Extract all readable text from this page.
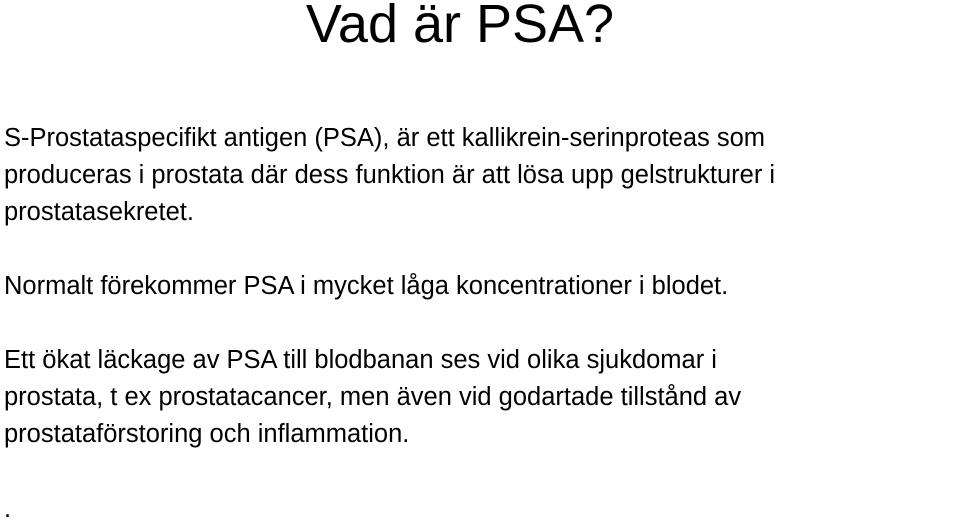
Vad är PSA?

S-Prostataspecifikt antigen (PSA), är ett kallikrein-serinproteas som
produceras i prostata där dess funktion är att lösa upp gelstrukturer i
prostatasekretet.

Normalt förekommer PSA i mycket låga koncentrationer i blodet.

Ett ökat läckage av PSA till blodbanan ses vid olika sjukdomar i
prostata, t ex prostatacancer, men även vid godartade tillstånd av
prostataförstoring och inflammation.

.
